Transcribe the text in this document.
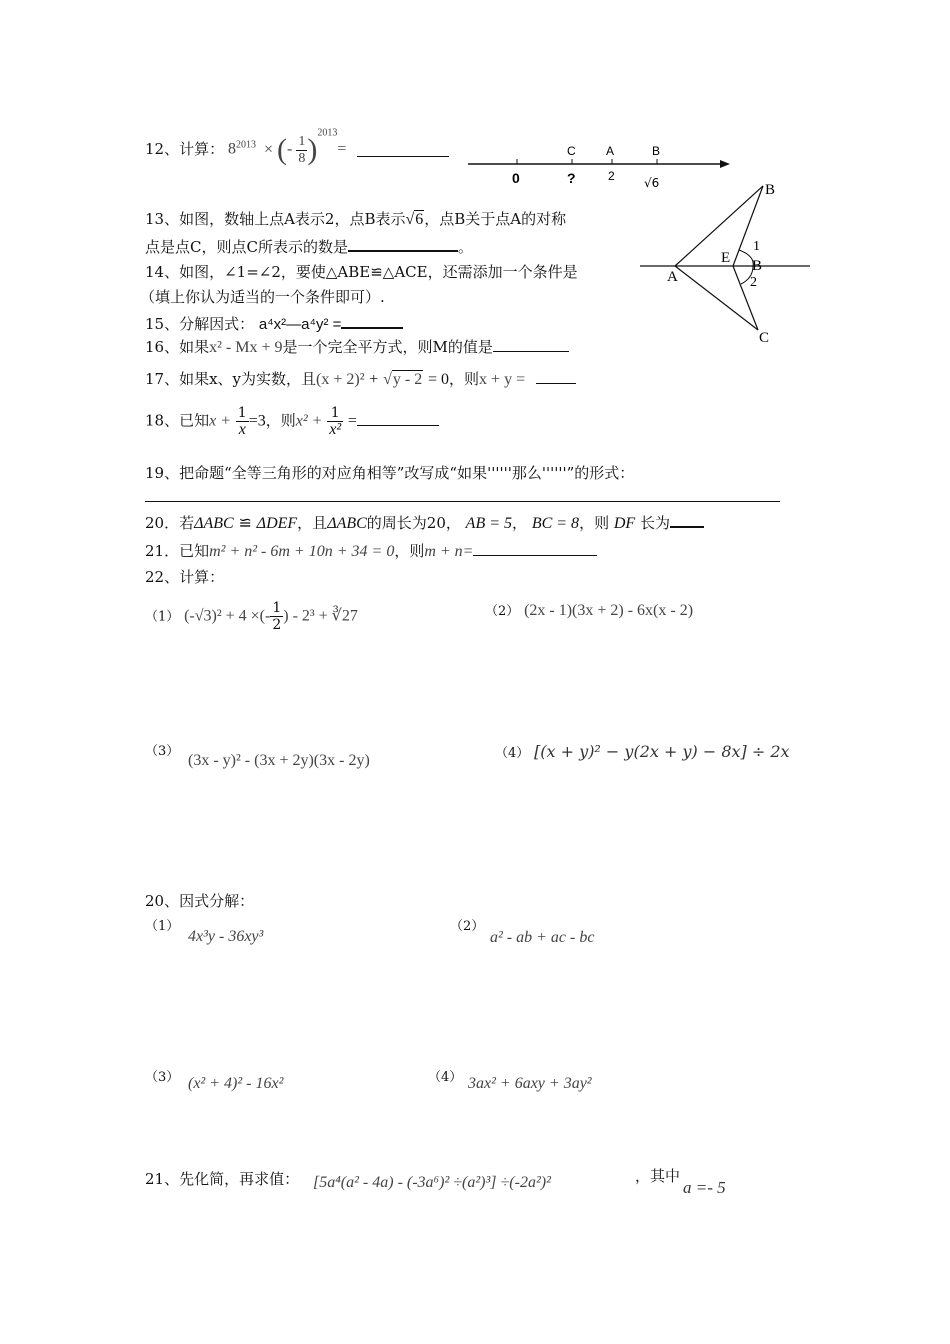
12、计算： $8^{2013}$ × (- $\frac{1}{8} )^{2013}=$	C	A	B
0	?	2 √6	B
A
E B
1
2
C
13、如图，数轴上点A表示2，点B表示√6，点B关于点A的对称
点是点C，则点C所表示的数是	。
14、如图，∠1=∠2，要使△ABE≌△ACE，还需添加一个条件是
（填上你认为适当的一个条件即可）.
15、分解因式： a⁴x²—a⁴y² =
16、如果x² - Mx + 9是一个完全平方式，则M的值是
17、如果x、y为实数，且(x + 2)² + √y - 2 = 0，则x + y =
18、已知$x + \frac{1}{x} =3$，则$x^2 + \frac{1}{\text{x²}}$ =
19、把命题“全等三角形的对应角相等”改写成“如果''''''那么''''''”的形式：
20．若ΔABC ≌ ΔDEF，且ΔABC的周长为20， AB = 5， BC = 8，则 DF 长为
21．已知m² + n² - 6m + 10n + 34 = 0，则m + n=
22、计算：
（1） (-√3)² + 4 ×(- $\frac{1}{2}$ ) - 2³ + ∛27	（2） (2x - 1)(3x + 2) - 6x(x - 2)
（3）
(3x - y)² - (3x + 2y)(3x - 2y)	（4） [(x + y)² − y(2x + y) − 8x] ÷ 2x
20、因式分解：
（1）
4x³y - 36xy³
（2）
a² - ab + ac - bc
（3） (x² + 4)² - 16x²	（4） 3ax² + 6axy + 3ay²
21、先化简，再求值： [5a⁴(a² - 4a) - (-3a⁶)² ÷(a²)³] ÷(-2a²)²	，其中
a =- 5
